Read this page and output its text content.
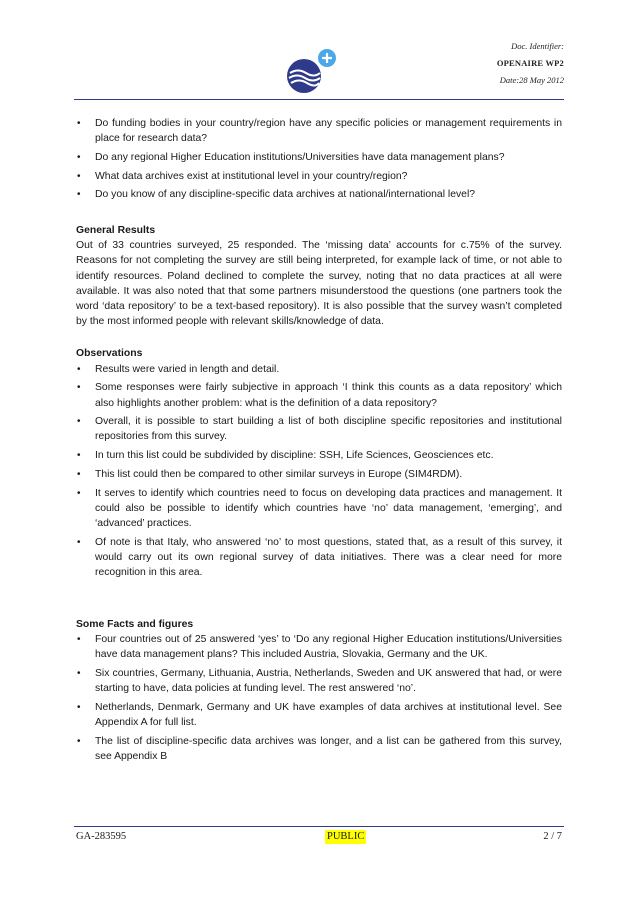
Doc. Identifier:
OPENAIRE WP2
Date:28 May 2012
• Do funding bodies in your country/region have any specific policies or management requirements in place for research data?
• Do any regional Higher Education institutions/Universities have data management plans?
• What data archives exist at institutional level in your country/region?
• Do you know of any discipline-specific data archives at national/international level?
General Results

Out of 33 countries surveyed, 25 responded. The ‘missing data’ accounts for c.75% of the survey. Reasons for not completing the survey are still being interpreted, for example lack of time, or not able to identify resources. Poland declined to complete the survey, noting that no data practices at all were available. It was also noted that that some partners misunderstood the questions (one partners took the word ‘data repository’ to be a text-based repository). It is also possible that the survey wasn’t completed by the most informed people with relevant skills/knowledge of data.

Observations
• Results were varied in length and detail.
• Some responses were fairly subjective in approach ‘I think this counts as a data repository’ which also highlights another problem: what is the definition of a data repository?
• Overall, it is possible to start building a list of both discipline specific repositories and institutional repositories from this survey.
• In turn this list could be subdivided by discipline: SSH, Life Sciences, Geosciences etc.
• This list could then be compared to other similar surveys in Europe (SIM4RDM).
• It serves to identify which countries need to focus on developing data practices and management. It could also be possible to identify which countries have ‘no’ data management, ‘emerging’, and ‘advanced’ practices.
• Of note is that Italy, who answered ‘no’ to most questions, stated that, as a result of this survey, it would carry out its own regional survey of data initiatives. There was a clear need for more recognition in this area.
Some Facts and figures
• Four countries out of 25 answered ‘yes’ to ‘Do any regional Higher Education institutions/Universities have data management plans? This included Austria, Slovakia, Germany and the UK.
• Six countries, Germany, Lithuania, Austria, Netherlands, Sweden and UK answered that had, or were starting to have, data policies at funding level. The rest answered ‘no’.
• Netherlands, Denmark, Germany and UK have examples of data archives at institutional level. See Appendix A for full list.
• The list of discipline-specific data archives was longer, and a list can be gathered from this survey, see Appendix B
GA-283595	PUBLIC	2 / 7
